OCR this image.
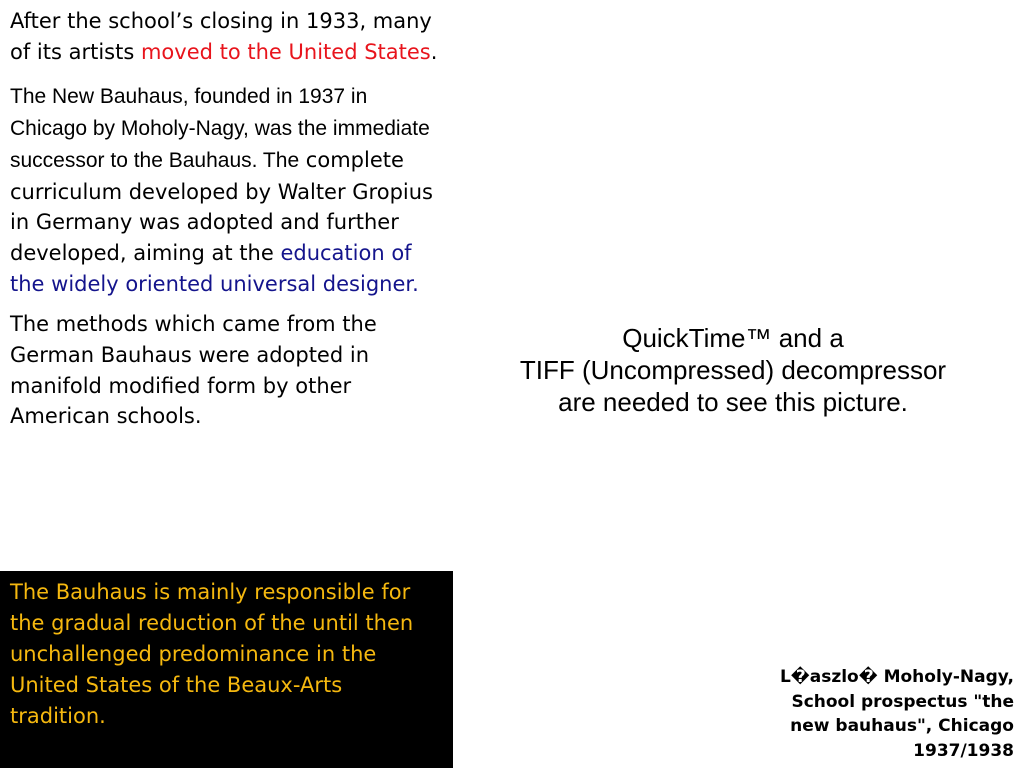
After the school’s closing in 1933, many of its artists moved to the United States.

The New Bauhaus, founded in 1937 in Chicago by Moholy-Nagy, was the immediate successor to the Bauhaus. The complete curriculum developed by Walter Gropius in Germany was adopted and further developed, aiming at the education of the widely oriented universal designer.

The methods which came from the German Bauhaus were adopted in manifold modified form by other American schools.

The Bauhaus is mainly responsible for the gradual reduction of the until then unchallenged predominance in the United States of the Beaux-Arts tradition.

QuickTime™ and a
TIFF (Uncompressed) decompressor
are needed to see this picture.
L�aszlo� Moholy-Nagy,
School prospectus "the
new bauhaus", Chicago
1937/1938
